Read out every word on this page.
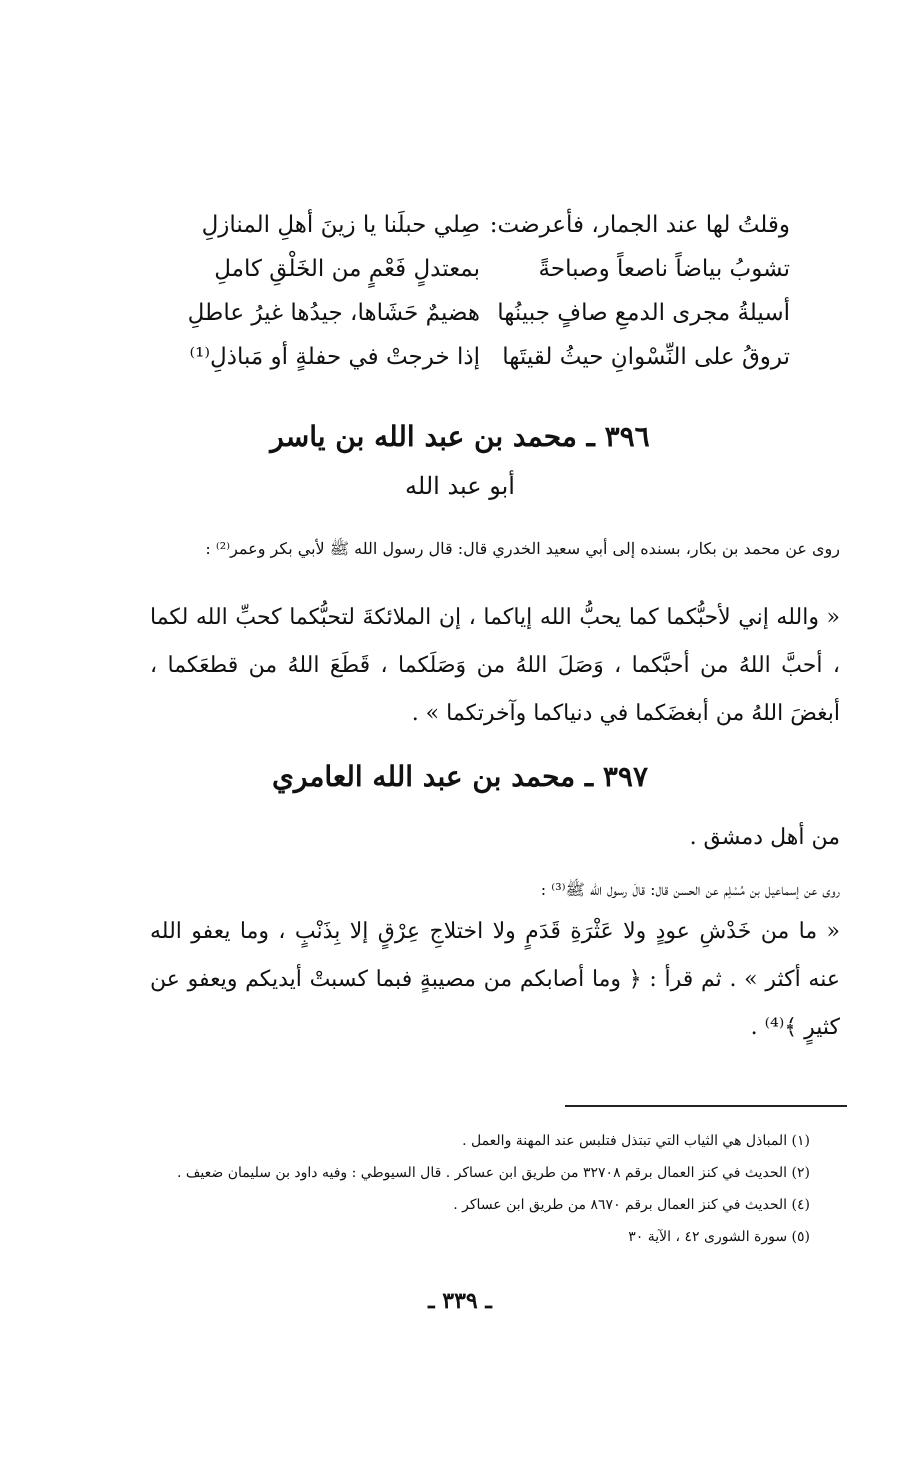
وقلتُ لها عند الجمار، فأعرضت:
صِلي حبلَنا يا زينَ أهلِ المنازلِ
تشوبُ بياضاً ناصعاً وصباحةً
بمعتدلٍ فَعْمٍ من الخَلْقِ كاملِ
أسيلةُ مجرى الدمعِ صافٍ جبينُها
هضيمٌ حَشَاها، جيدُها غيرُ عاطلِ
تروقُ على النِّسْوانِ حيثُ لقيتَها
إذا خرجتْ في حفلةٍ أو مَباذلِ⁽¹⁾
٣٩٦ ـ محمد بن عبد الله بن ياسر
أبو عبد الله
روى عن محمد بن بكار، بسنده إلى أبي سعيد الخدري قال: قال رسول الله ﷺ لأبي بكر وعمر⁽²⁾ :
« والله إني لأحبُّكما كما يحبُّ الله إياكما ، إن الملائكةَ لتحبُّكما كحبِّ الله لكما ، أحبَّ اللهُ من أحبَّكما ، وَصَلَ اللهُ من وَصَلَكما ، قَطَعَ اللهُ من قطعَكما ، أبغضَ اللهُ من أبغضَكما في دنياكما وآخرتكما » .
٣٩٧ ـ محمد بن عبد الله العامري
من أهل دمشق .
روى عن إسماعيل بن مُسْلِم عن الحسن قال: قالَ رسول الله ﷺ⁽³⁾ :
« ما من خَدْشِ عودٍ ولا عَثْرَةِ قَدَمٍ ولا اختلاجِ عِرْقٍ إلا بِذَنْبٍ ، وما يعفو الله عنه أكثر » . ثم قرأ : ﴿ وما أصابكم من مصيبةٍ فبما كسبتْ أيديكم ويعفو عن كثيرٍ ﴾⁽⁴⁾ .
(١) المباذل هي الثياب التي تبتذل فتلبس عند المهنة والعمل .
(٢) الحديث في كنز العمال برقم ٣٢٧٠٨ من طريق ابن عساكر . قال السيوطي : وفيه داود بن سليمان ضعيف .
(٤) الحديث في كنز العمال برقم ٨٦٧٠ من طريق ابن عساكر .
(٥) سورة الشورى ٤٢ ، الآية ٣٠
ـ ٣٣٩ ـ
